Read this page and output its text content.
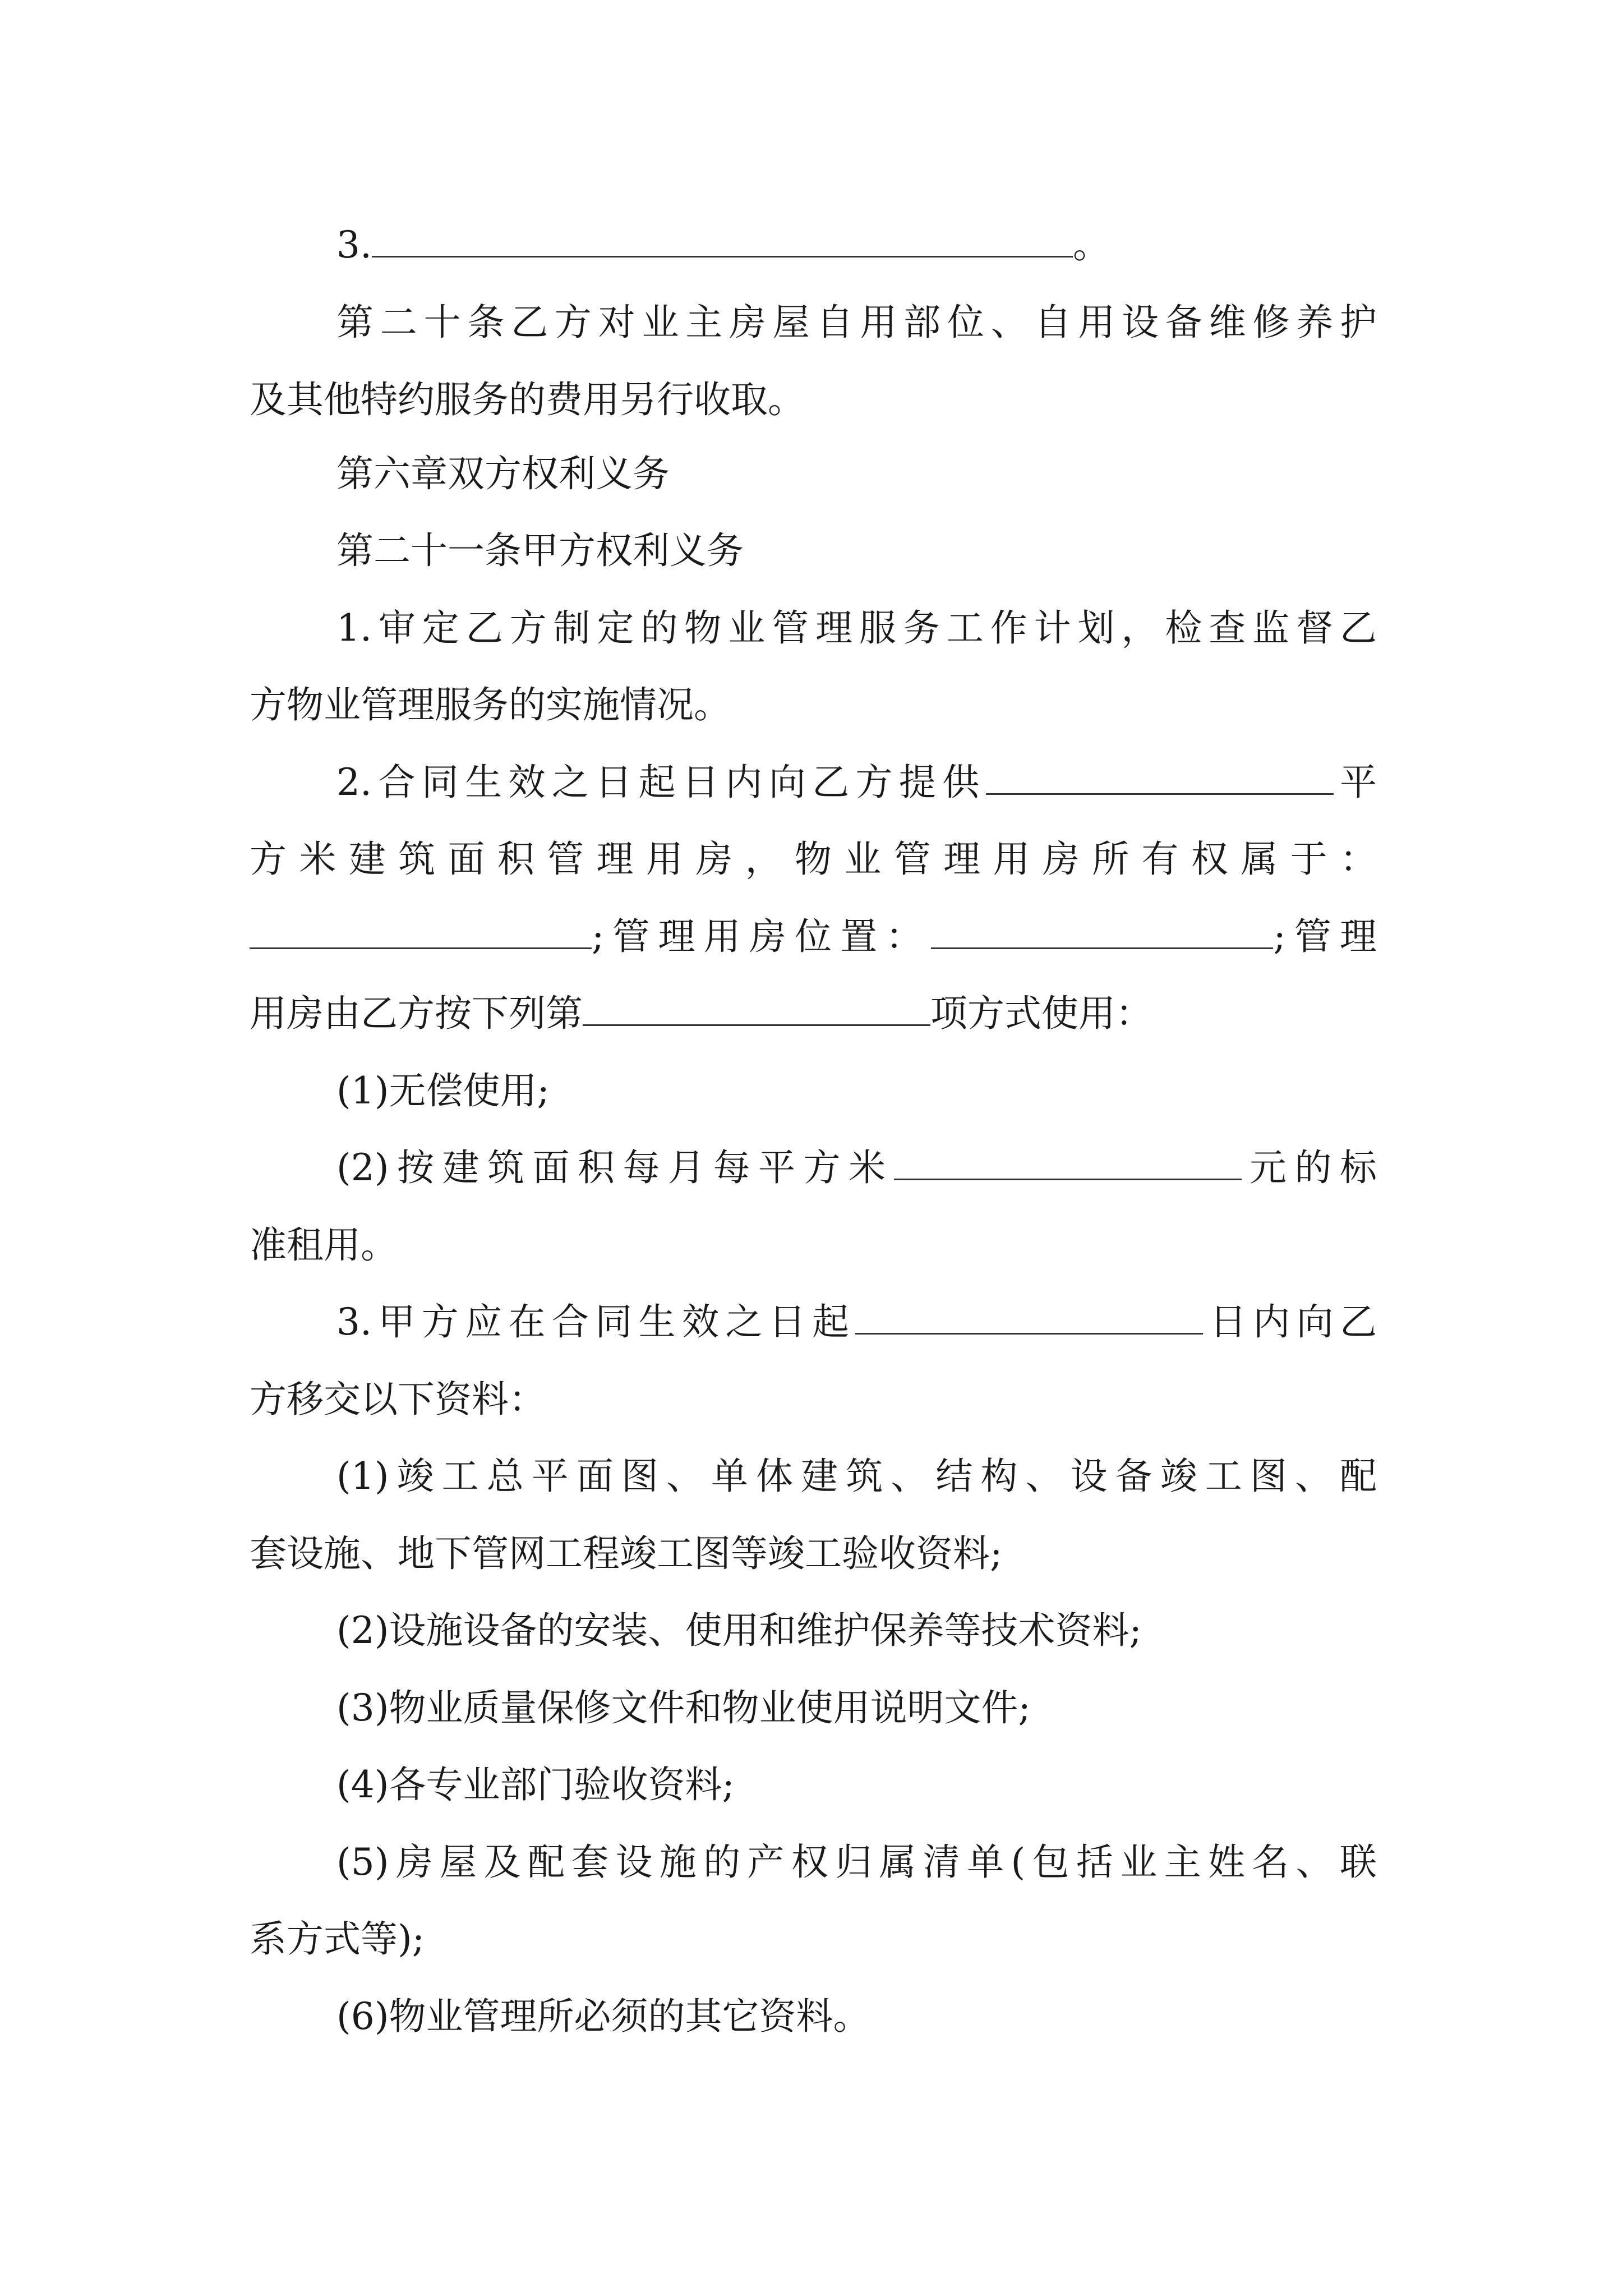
3.	。

第二十条乙方对业主房屋自用部位、自用设备维修养护

及其他特约服务的费用另行收取。

第六章双方权利义务

第二十一条甲方权利义务

1.审定乙方制定的物业管理服务工作计划，检查监督乙

方物业管理服务的实施情况。

2.合同生效之日起日内向乙方提供	平

方米建筑面积管理用房，物业管理用房所有权属于：

;管理用房位置：	;管理

用房由乙方按下列第	项方式使用：

(1)无偿使用;

(2)按建筑面积每月每平方米	元的标

准租用。

3.甲方应在合同生效之日起	日内向乙

方移交以下资料：

(1)竣工总平面图、单体建筑、结构、设备竣工图、配

套设施、地下管网工程竣工图等竣工验收资料;

(2)设施设备的安装、使用和维护保养等技术资料;

(3)物业质量保修文件和物业使用说明文件;

(4)各专业部门验收资料;

(5)房屋及配套设施的产权归属清单(包括业主姓名、联

系方式等);

(6)物业管理所必须的其它资料。
